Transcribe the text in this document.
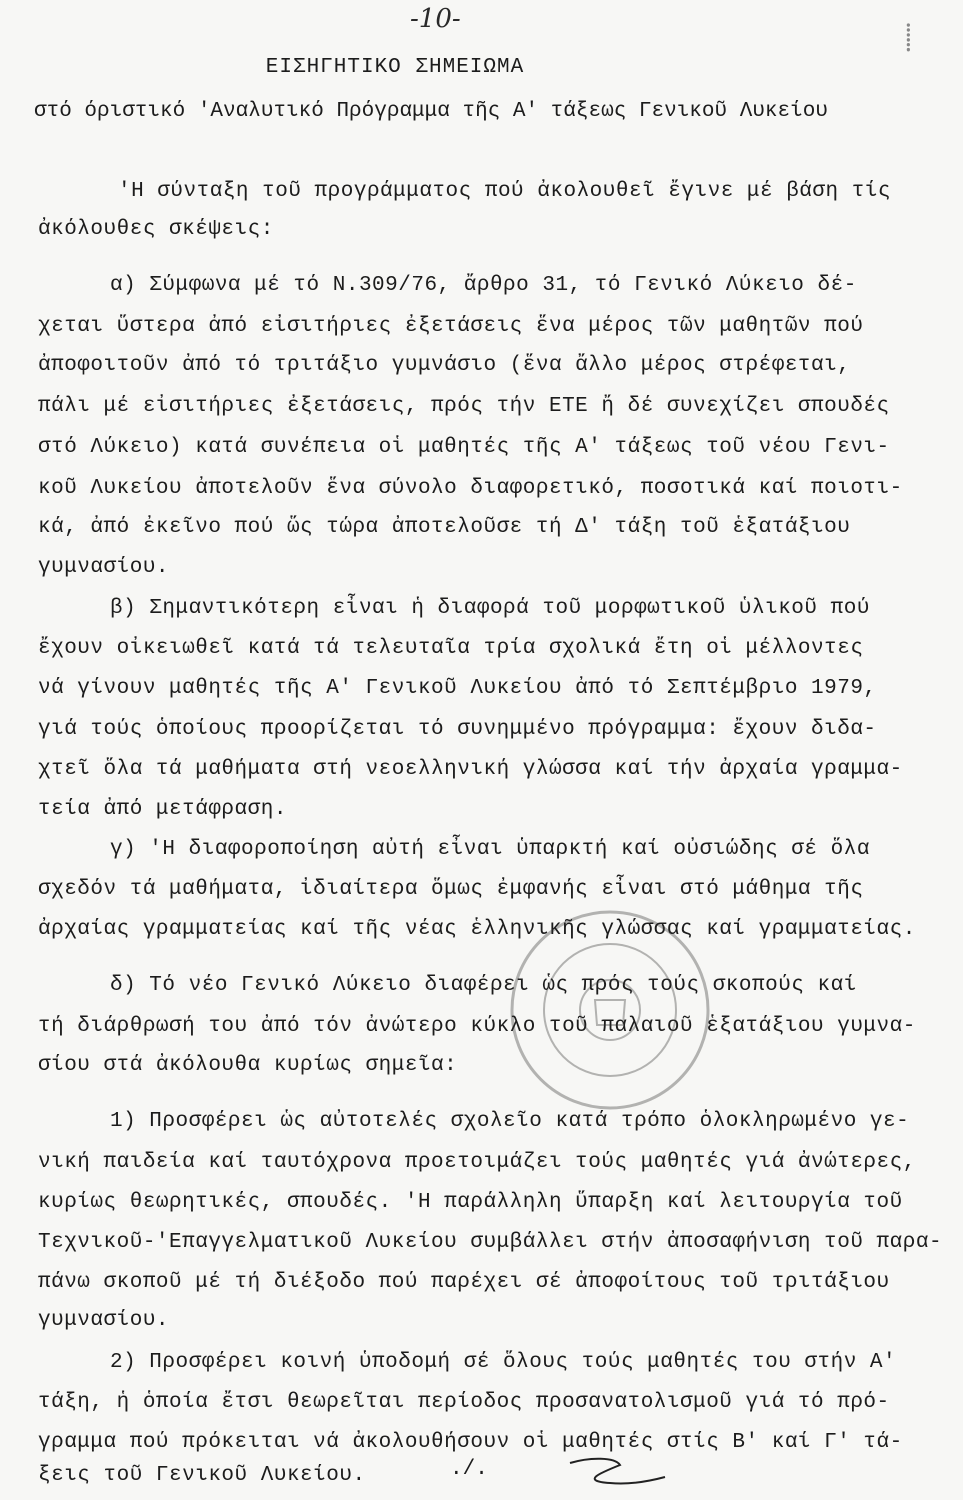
-10-
⸽
ΕΙΣΗΓΗΤΙΚΟ ΣΗΜΕΙΩΜΑ
στό όριστικό 'Αναλυτικό Πρόγραμμα τῆς Α' τάξεως Γενικοῦ Λυκείου
'Η σύνταξη τοῦ προγράμματος πού ἀκολουθεῖ ἔγινε μέ βάση τίς
ἀκόλουθες σκέψεις:
α) Σύμφωνα μέ τό Ν.309/76, ἄρθρο 31, τό Γενικό Λύκειο δέ-
χεται ὕστερα ἀπό εἰσιτήριες ἐξετάσεις ἕνα μέρος τῶν μαθητῶν πού
ἀποφοιτοῦν ἀπό τό τριτάξιο γυμνάσιο (ἕνα ἄλλο μέρος στρέφεται,
πάλι μέ εἰσιτήριες ἐξετάσεις, πρός τήν ΕΤΕ ἤ δέ συνεχίζει σπουδές
στό Λύκειο) κατά συνέπεια οἱ μαθητές τῆς Α' τάξεως τοῦ νέου Γενι-
κοῦ Λυκείου ἀποτελοῦν ἕνα σύνολο διαφορετικό, ποσοτικά καί ποιοτι-
κά, ἀπό ἐκεῖνο πού ὥς τώρα ἀποτελοῦσε τή Δ' τάξη τοῦ ἑξατάξιου
γυμνασίου.
β) Σημαντικότερη εἶναι ἡ διαφορά τοῦ μορφωτικοῦ ὑλικοῦ πού
ἔχουν οἰκειωθεῖ κατά τά τελευταῖα τρία σχολικά ἔτη οἱ μέλλοντες
νά γίνουν μαθητές τῆς Α' Γενικοῦ Λυκείου ἀπό τό Σεπτέμβριο 1979,
γιά τούς ὁποίους προορίζεται τό συνημμένο πρόγραμμα: ἔχουν διδα-
χτεῖ ὅλα τά μαθήματα στή νεοελληνική γλώσσα καί τήν ἀρχαία γραμμα-
τεία ἀπό μετάφραση.
γ) 'Η διαφοροποίηση αὐτή εἶναι ὑπαρκτή καί οὐσιώδης σέ ὅλα
σχεδόν τά μαθήματα, ἰδιαίτερα ὅμως ἐμφανής εἶναι στό μάθημα τῆς
ἀρχαίας γραμματείας καί τῆς νέας ἑλληνικῆς γλώσσας καί γραμματείας.
δ) Τό νέο Γενικό Λύκειο διαφέρει ὡς πρός τούς σκοπούς καί
τή διάρθρωσή του ἀπό τόν ἀνώτερο κύκλο τοῦ παλαιοῦ ἑξατάξιου γυμνα-
σίου στά ἀκόλουθα κυρίως σημεῖα:
1) Προσφέρει ὡς αὐτοτελές σχολεῖο κατά τρόπο ὁλοκληρωμένο γε-
νική παιδεία καί ταυτόχρονα προετοιμάζει τούς μαθητές γιά ἀνώτερες,
κυρίως θεωρητικές, σπουδές. 'Η παράλληλη ὕπαρξη καί λειτουργία τοῦ
Τεχνικοῦ-'Επαγγελματικοῦ Λυκείου συμβάλλει στήν ἀποσαφήνιση τοῦ παρα-
πάνω σκοποῦ μέ τή διέξοδο πού παρέχει σέ ἀποφοίτους τοῦ τριτάξιου
γυμνασίου.
2) Προσφέρει κοινή ὑποδομή σέ ὅλους τούς μαθητές του στήν Α'
τάξη, ἡ ὁποία ἔτσι θεωρεῖται περίοδος προσανατολισμοῦ γιά τό πρό-
γραμμα πού πρόκειται νά ἀκολουθήσουν οἱ μαθητές στίς Β' καί Γ' τά-
ξεις τοῦ Γενικοῦ Λυκείου.	./.
